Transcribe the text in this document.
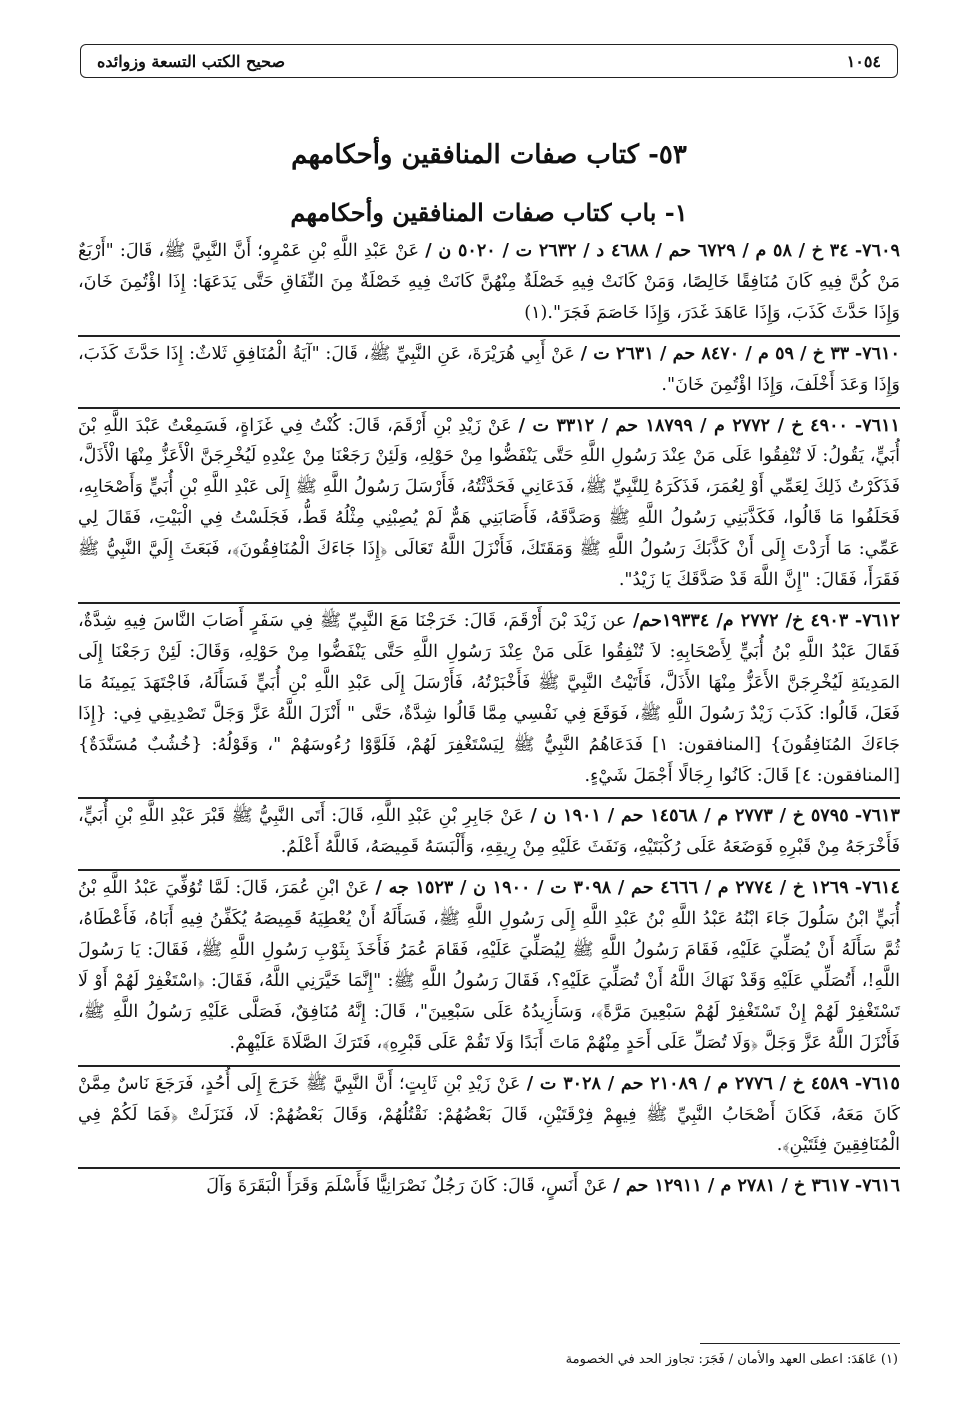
١٠٥٤
صحيح الكتب التسعة وزوائده
٥٣- كتاب صفات المنافقين وأحكامهم
١- باب كتاب صفات المنافقين وأحكامهم

٧٦٠٩- ٣٤ خ / ٥٨ م / ٦٧٢٩ حم / ٤٦٨٨ د / ٢٦٣٢ ت / ٥٠٢٠ ن / عَنْ عَبْدِ اللَّهِ بْنِ عَمْرٍو؛ أَنَّ النَّبِيَّ ﷺ، قَالَ: "أَرْبَعٌ مَنْ كُنَّ فِيهِ كَانَ مُنَافِقًا خَالِصًا، وَمَنْ كَانَتْ فِيهِ خَصْلَةٌ مِنْهُنَّ كَانَتْ فِيهِ خَصْلَةٌ مِنَ النِّفَاقِ حَتَّى يَدَعَهَا: إِذَا اؤْتُمِنَ خَانَ، وَإِذَا حَدَّثَ كَذَبَ، وَإِذَا عَاهَدَ غَدَرَ، وَإِذَا خَاصَمَ فَجَرَ".(١)

٧٦١٠- ٣٣ خ / ٥٩ م / ٨٤٧٠ حم / ٢٦٣١ ت / عَنْ أَبِي هُرَيْرَةَ، عَنِ النَّبِيِّ ﷺ، قَالَ: "آيَةُ الْمُنَافِقِ ثَلاثٌ: إِذَا حَدَّثَ كَذَبَ، وَإِذَا وَعَدَ أَخْلَفَ، وَإِذَا اؤْتُمِنَ خَانَ".

٧٦١١- ٤٩٠٠ خ / ٢٧٧٢ م / ١٨٧٩٩ حم / ٣٣١٢ ت / عَنْ زَيْدِ بْنِ أَرْقَمَ، قَالَ: كُنْتُ فِي غَزَاةٍ، فَسَمِعْتُ عَبْدَ اللَّهِ بْنَ أُبَيٍّ، يَقُولُ: لَا تُنْفِقُوا عَلَى مَنْ عِنْدَ رَسُولِ اللَّهِ حَتَّى يَنْفَضُّوا مِنْ حَوْلِهِ، وَلَئِنْ رَجَعْنَا مِنْ عِنْدِهِ لَيُخْرِجَنَّ الْأَعَزُّ مِنْهَا الْأَذَلَّ، فَذَكَرْتُ ذَلِكَ لِعَمِّي أَوْ لِعُمَرَ، فَذَكَرَهُ لِلنَّبِيِّ ﷺ، فَدَعَانِي فَحَدَّثْتُهُ، فَأَرْسَلَ رَسُولُ اللَّهِ ﷺ إِلَى عَبْدِ اللَّهِ بْنِ أُبَيٍّ وَأَصْحَابِهِ، فَحَلَفُوا مَا قَالُوا، فَكَذَّبَنِي رَسُولُ اللَّهِ ﷺ وَصَدَّقَهُ، فَأَصَابَنِي هَمٌّ لَمْ يُصِبْنِي مِثْلُهُ قَطُّ، فَجَلَسْتُ فِي الْبَيْتِ، فَقَالَ لِي عَمِّي: مَا أَرَدْتَ إِلَى أَنْ كَذَّبَكَ رَسُولُ اللَّهِ ﷺ وَمَقَتَكَ، فَأَنْزَلَ اللَّهُ تَعَالَى ﴿إِذَا جَاءَكَ الْمُنَافِقُونَ﴾، فَبَعَثَ إِلَيَّ النَّبِيُّ ﷺ فَقَرَأَ، فَقَالَ: "إِنَّ اللَّهَ قَدْ صَدَّقَكَ يَا زَيْدُ".

٧٦١٢- ٤٩٠٣ خ/ ٢٧٧٢ م/ ١٩٣٣٤حم/ عن زَيْدَ بْنَ أَرْقَمَ، قَالَ: خَرَجْنَا مَعَ النَّبِيِّ ﷺ فِي سَفَرٍ أَصَابَ النَّاسَ فِيهِ شِدَّةٌ، فَقَالَ عَبْدُ اللَّهِ بْنُ أُبَيٍّ لِأَصْحَابِهِ: لاَ تُنْفِقُوا عَلَى مَنْ عِنْدَ رَسُولِ اللَّهِ حَتَّى يَنْفَضُّوا مِنْ حَوْلِهِ، وَقَالَ: لَئِنْ رَجَعْنَا إِلَى المَدِينَةِ لَيُخْرِجَنَّ الأَعَزُّ مِنْهَا الأَذَلَّ، فَأَتَيْتُ النَّبِيَّ ﷺ فَأَخْبَرْتُهُ، فَأَرْسَلَ إِلَى عَبْدِ اللَّهِ بْنِ أُبَيٍّ فَسَأَلَهُ، فَاجْتَهَدَ يَمِينَهُ مَا فَعَلَ، قَالُوا: كَذَبَ زَيْدٌ رَسُولَ اللَّهِ ﷺ، فَوَقَعَ فِي نَفْسِي مِمَّا قَالُوا شِدَّةٌ، حَتَّى " أَنْزَلَ اللَّهُ عَزَّ وَجَلَّ تَصْدِيقِي فِي: {إِذَا جَاءَكَ المُنَافِقُونَ} [المنافقون: ١] فَدَعَاهُمُ النَّبِيُّ ﷺ لِيَسْتَغْفِرَ لَهُمْ، فَلَوَّوْا رُءُوسَهُمْ "، وَقَوْلُهُ: {خُشُبٌ مُسَنَّدَةٌ} [المنافقون: ٤] قَالَ: كَانُوا رِجَالًا أَجْمَلَ شَيْءٍ.

٧٦١٣- ٥٧٩٥ خ / ٢٧٧٣ م / ١٤٥٦٨ حم / ١٩٠١ ن / عَنْ جَابِرِ بْنِ عَبْدِ اللَّهِ، قَالَ: أَتَى النَّبِيُّ ﷺ قَبْرَ عَبْدِ اللَّهِ بْنِ أُبَيٍّ، فَأَخْرَجَهُ مِنْ قَبْرِهِ فَوَضَعَهُ عَلَى رُكْبَتَيْهِ، وَنَفَثَ عَلَيْهِ مِنْ رِيقِهِ، وَأَلْبَسَهُ قَمِيصَهُ، فَاللَّهُ أَعْلَمُ.

٧٦١٤- ١٢٦٩ خ / ٢٧٧٤ م / ٤٦٦٦ حم / ٣٠٩٨ ت / ١٩٠٠ ن / ١٥٢٣ جه / عَنْ ابْنِ عُمَرَ، قَالَ: لَمَّا تُوُفِّيَ عَبْدُ اللَّهِ بْنُ أُبَيٍّ ابْنُ سَلُولَ جَاءَ ابْنُهُ عَبْدُ اللَّهِ بْنُ عَبْدِ اللَّهِ إِلَى رَسُولِ اللَّهِ ﷺ، فَسَأَلَهُ أَنْ يُعْطِيَهُ قَمِيصَهُ يُكَفِّنُ فِيهِ أَبَاهُ، فَأَعْطَاهُ، ثُمَّ سَأَلَهُ أَنْ يُصَلِّيَ عَلَيْهِ، فَقَامَ رَسُولُ اللَّهِ ﷺ لِيُصَلِّيَ عَلَيْهِ، فَقَامَ عُمَرُ فَأَخَذَ بِثَوْبِ رَسُولِ اللَّهِ ﷺ، فَقَالَ: يَا رَسُولَ اللَّهِ!، أَتُصَلِّي عَلَيْهِ وَقَدْ نَهَاكَ اللَّهُ أَنْ تُصَلِّيَ عَلَيْهِ؟، فَقَالَ رَسُولُ اللَّهِ ﷺ: "إِنَّمَا خَيَّرَنِي اللَّهُ، فَقَالَ: ﴿اسْتَغْفِرْ لَهُمْ أَوْ لَا تَسْتَغْفِرْ لَهُمْ إِنْ تَسْتَغْفِرْ لَهُمْ سَبْعِينَ مَرَّةً﴾، وَسَأَزِيدُهُ عَلَى سَبْعِينَ"، قَالَ: إِنَّهُ مُنَافِقٌ، فَصَلَّى عَلَيْهِ رَسُولُ اللَّهِ ﷺ، فَأَنْزَلَ اللَّهُ عَزَّ وَجَلَّ ﴿وَلَا تُصَلِّ عَلَى أَحَدٍ مِنْهُمْ مَاتَ أَبَدًا وَلَا تَقُمْ عَلَى قَبْرِهِ﴾، فَتَرَكَ الصَّلَاةَ عَلَيْهِمْ.

٧٦١٥- ٤٥٨٩ خ / ٢٧٧٦ م / ٢١٠٨٩ حم / ٣٠٢٨ ت / عَنْ زَيْدِ بْنِ ثَابِتٍ؛ أَنَّ النَّبِيَّ ﷺ خَرَجَ إِلَى أُحُدٍ، فَرَجَعَ نَاسٌ مِمَّنْ كَانَ مَعَهُ، فَكَانَ أَصْحَابُ النَّبِيِّ ﷺ فِيهِمْ فِرْقَتَيْنِ، قَالَ بَعْضُهُمْ: نَقْتُلُهُمْ، وَقَالَ بَعْضُهُمْ: لَا، فَنَزَلَتْ ﴿فَمَا لَكُمْ فِي الْمُنَافِقِينَ فِئَتَيْنِ﴾.

٧٦١٦- ٣٦١٧ خ / ٢٧٨١ م / ١٢٩١١ حم / عَنْ أَنَسٍ، قَالَ: كَانَ رَجُلٌ نَصْرَانِيًّا فَأَسْلَمَ وَقَرَأَ الْبَقَرَةَ وَآلَ

(١) عَاهَدَ: اعطى العهد والأمان / فَجَرَ: تجاوز الحد في الخصومة
